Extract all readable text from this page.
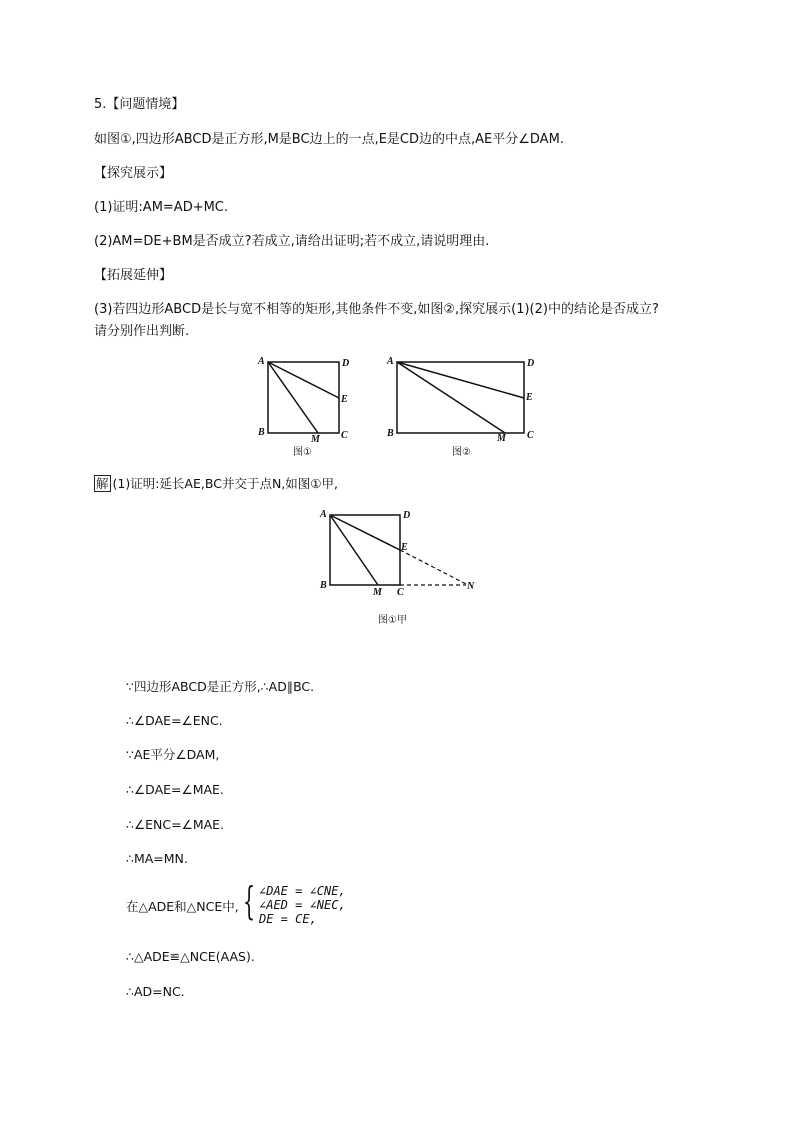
5.【问题情境】
如图①,四边形ABCD是正方形,M是BC边上的一点,E是CD边的中点,AE平分∠DAM.
【探究展示】
(1)证明:AM=AD+MC.
(2)AM=DE+BM是否成立?若成立,请给出证明;若不成立,请说明理由.
【拓展延伸】
(3)若四边形ABCD是长与宽不相等的矩形,其他条件不变,如图②,探究展示(1)(2)中的结论是否成立?
请分别作出判断.
A	D
E
B
M C
图①
A	D
E
B	M C
图②
解 (1)证明:延长AE,BC并交于点N,如图①甲,
A	D
E
B
M C
N
图①甲
∵四边形ABCD是正方形,∴AD∥BC.
∴∠DAE=∠ENC.
∵AE平分∠DAM,
∴∠DAE=∠MAE.
∴∠ENC=∠MAE.
∴MA=MN.
在△ADE和△NCE中, { ∠DAE = ∠CNE,
∠AED = ∠NEC,
DE = CE,
∴△ADE≌△NCE(AAS).
∴AD=NC.
